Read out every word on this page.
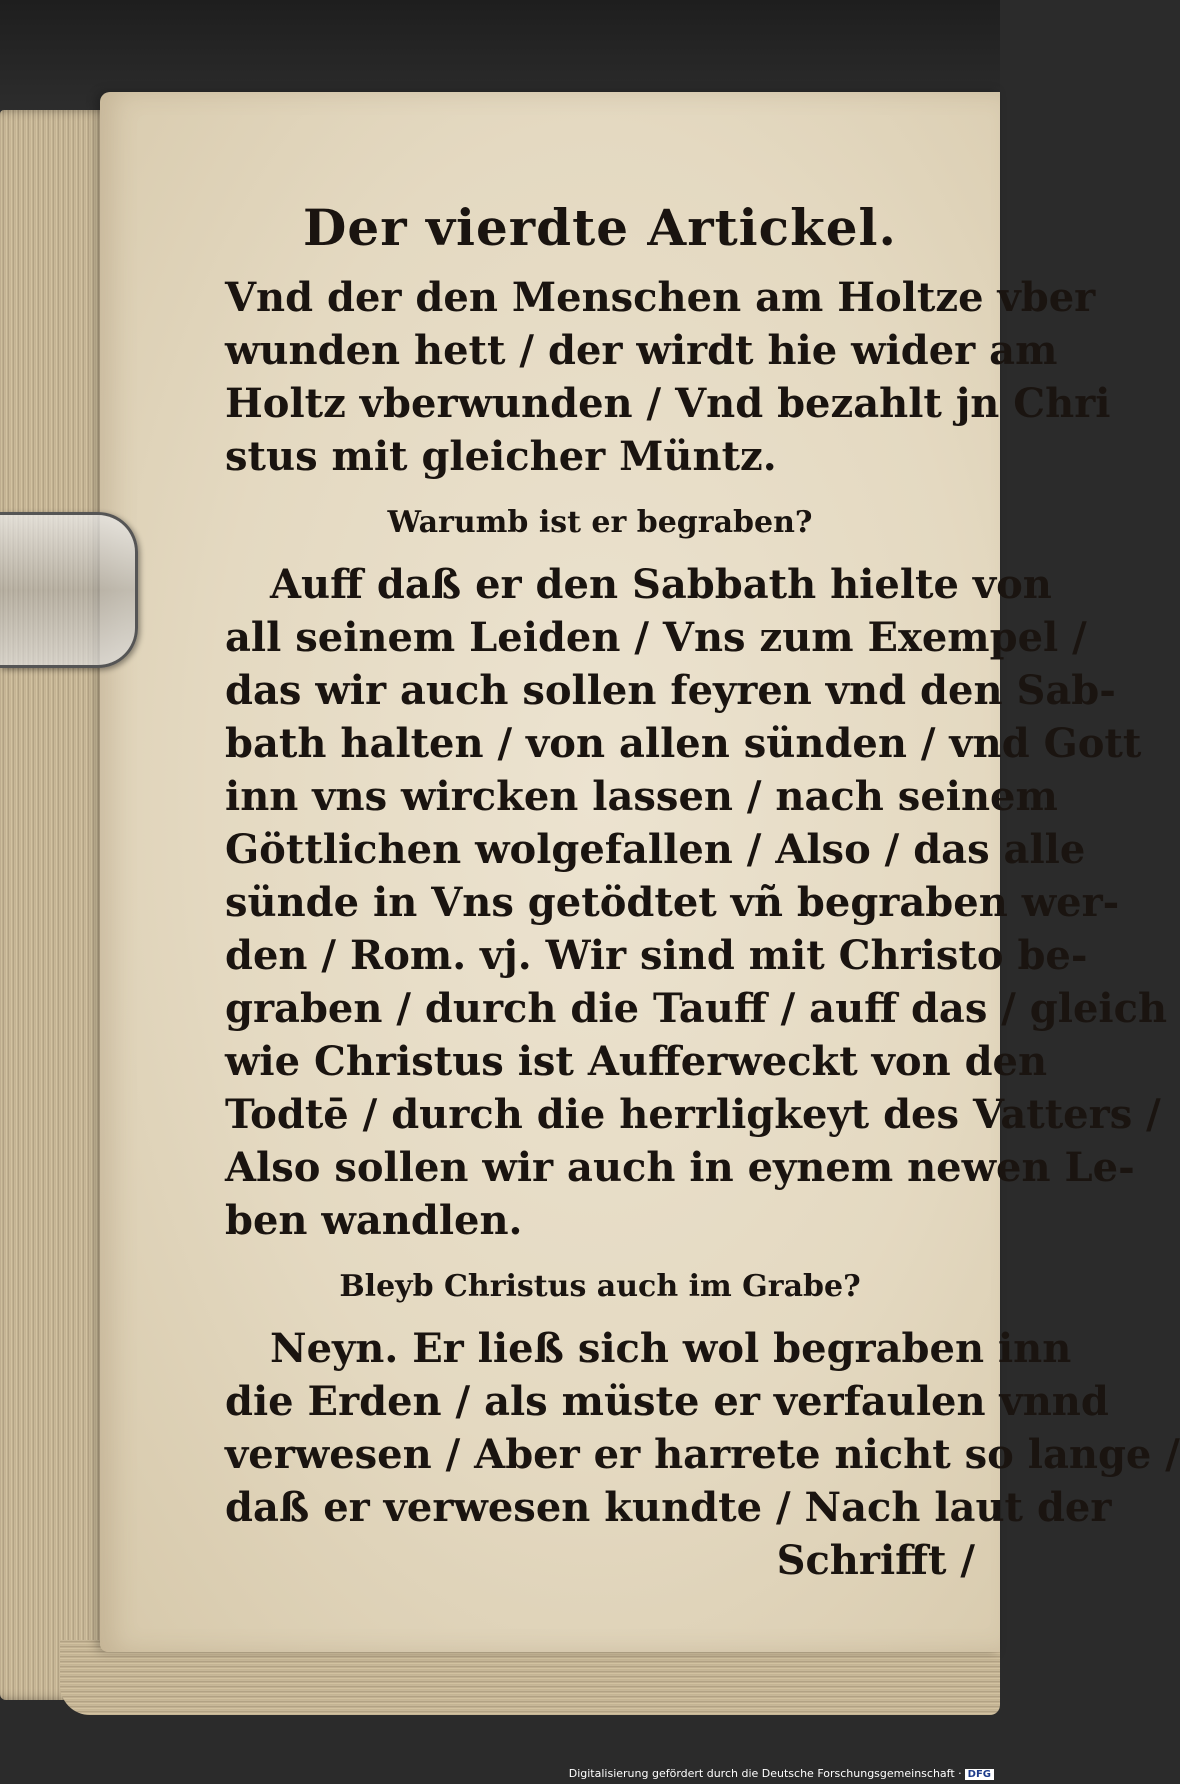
Der vierdte Artickel.
Vnd der den Menschen am Holtze vber
wunden hett / der wirdt hie wider am
Holtz vberwunden / Vnd bezahlt jn Chri
stus mit gleicher Müntz.
Warumb ist er begraben?
Auff daß er den Sabbath hielte von
all seinem Leiden / Vns zum Exempel /
das wir auch sollen feyren vnd den Sab-
bath halten / von allen sünden / vnd Gott
inn vns wircken lassen / nach seinem
Göttlichen wolgefallen / Also / das alle
sünde in Vns getödtet vñ begraben wer-
den / Rom. vj. Wir sind mit Christo be-
graben / durch die Tauff / auff das / gleich
wie Christus ist Aufferweckt von den
Todtē / durch die herrligkeyt des Vatters /
Also sollen wir auch in eynem newen Le-
ben wandlen.
Bleyb Christus auch im Grabe?
Neyn. Er ließ sich wol begraben inn
die Erden / als müste er verfaulen vnnd
verwesen / Aber er harrete nicht so lange /
daß er verwesen kundte / Nach laut der
Schrifft /
Digitalisierung gefördert durch die Deutsche Forschungsgemeinschaft · DFG
